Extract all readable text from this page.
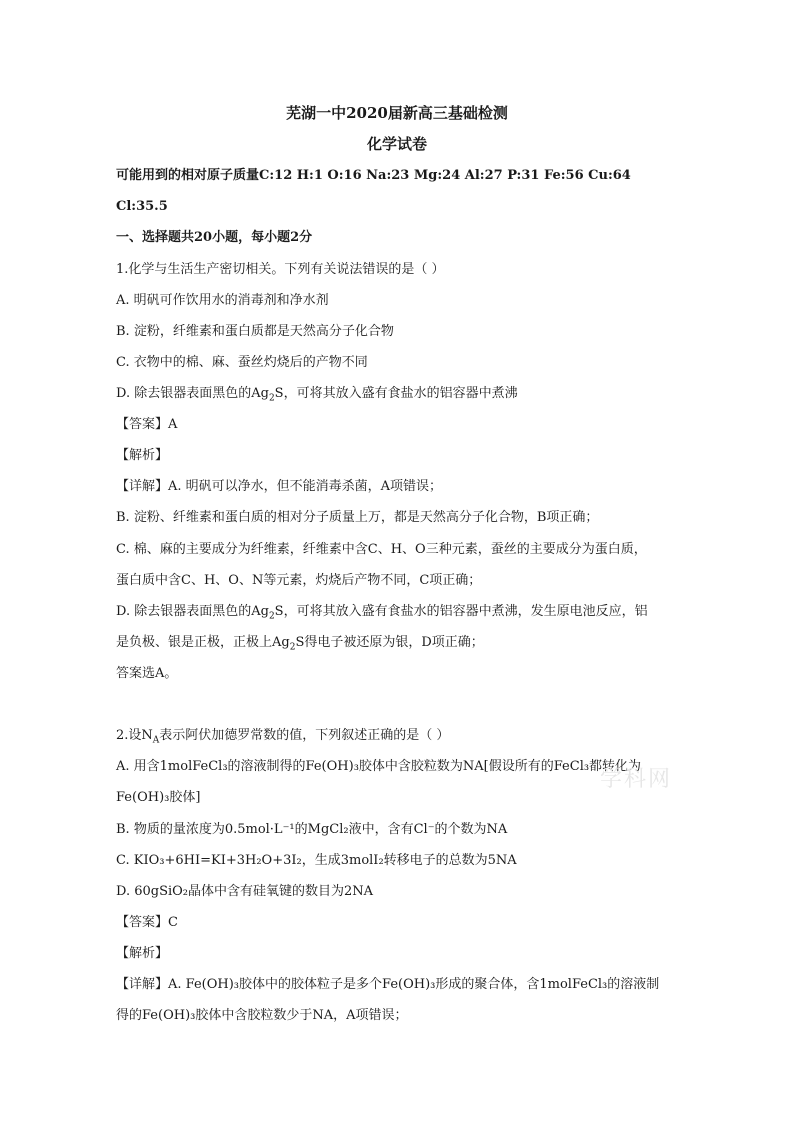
芜湖一中2020届新高三基础检测
化学试卷
可能用到的相对原子质量C:12 H:1 O:16 Na:23 Mg:24 Al:27 P:31 Fe:56 Cu:64
Cl:35.5
一、选择题共20小题，每小题2分
1.化学与生活生产密切相关。下列有关说法错误的是（ ）
A. 明矾可作饮用水的消毒剂和净水剂
B. 淀粉，纤维素和蛋白质都是天然高分子化合物
C. 衣物中的棉、麻、蚕丝灼烧后的产物不同
D. 除去银器表面黑色的$Ag_2S$，可将其放入盛有食盐水的铝容器中煮沸
【答案】A
【解析】
【详解】A. 明矾可以净水，但不能消毒杀菌，A项错误；
B. 淀粉、纤维素和蛋白质的相对分子质量上万，都是天然高分子化合物，B项正确；
C. 棉、麻的主要成分为纤维素，纤维素中含C、H、O三种元素，蚕丝的主要成分为蛋白质，
蛋白质中含C、H、O、N等元素，灼烧后产物不同，C项正确；
D. 除去银器表面黑色的$Ag_2S$，可将其放入盛有食盐水的铝容器中煮沸，发生原电池反应，铝
是负极、银是正极，正极上$Ag_2S$得电子被还原为银，D项正确；
答案选A。
2.设$N_A$表示阿伏加德罗常数的值，下列叙述正确的是（ ）
A. 用含1molFeCl₃的溶液制得的Fe(OH)₃胶体中含胶粒数为NA[假设所有的FeCl₃都转化为
Fe(OH)₃胶体]
B. 物质的量浓度为0.5mol·L⁻¹的MgCl₂液中，含有Cl⁻的个数为NA
C. KIO₃+6HI=KI+3H₂O+3I₂，生成3molI₂转移电子的总数为5NA
D. 60gSiO₂晶体中含有硅氧键的数目为2NA
【答案】C
【解析】
【详解】A. Fe(OH)₃胶体中的胶体粒子是多个Fe(OH)₃形成的聚合体，含1molFeCl₃的溶液制
得的Fe(OH)₃胶体中含胶粒数少于NA，A项错误；
学科网
